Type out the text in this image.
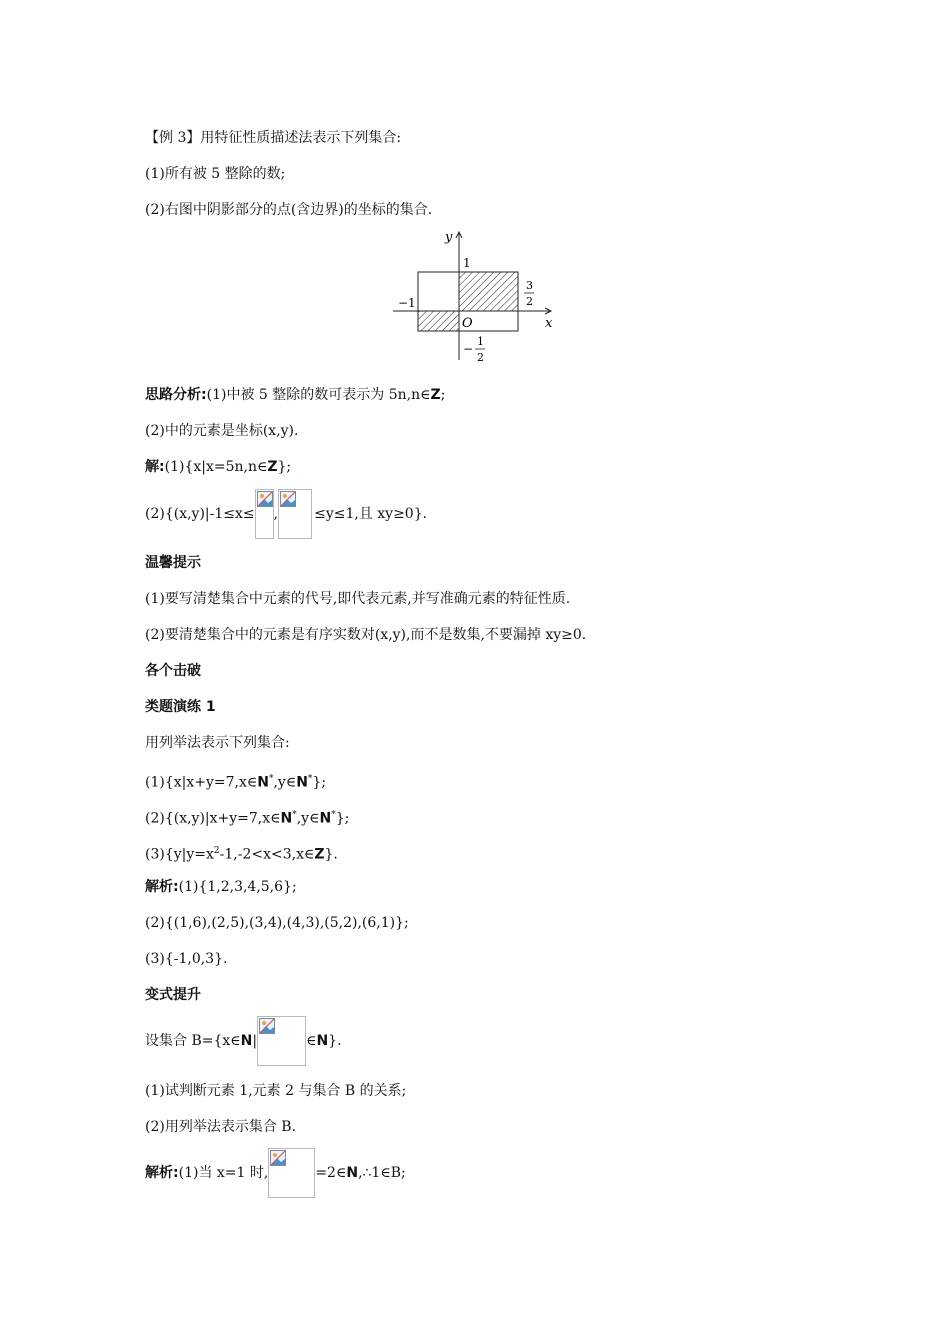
【例 3】用特征性质描述法表示下列集合:
(1)所有被 5 整除的数;
(2)右图中阴影部分的点(含边界)的坐标的集合.
y
x
O
1
−1
3
2
−
1
2
思路分析:(1)中被 5 整除的数可表示为 5n,n∈Z;
(2)中的元素是坐标(x,y).
解:(1){x|x=5n,n∈Z};
(2){(x,y)|-1≤x≤ ,	≤y≤1,且 xy≥0}.
温馨提示
(1)要写清楚集合中元素的代号,即代表元素,并写准确元素的特征性质.
(2)要清楚集合中的元素是有序实数对(x,y),而不是数集,不要漏掉 xy≥0.
各个击破
类题演练 1
用列举法表示下列集合:
(1){x|x+y=7,x∈N*,y∈N*};
(2){(x,y)|x+y=7,x∈N*,y∈N*};
$(3)\{y|y=x^2-1,-2<x<3,x\in Z\}$.
解析:(1){1,2,3,4,5,6};
(2){(1,6),(2,5),(3,4),(4,3),(5,2),(6,1)};
(3){-1,0,3}.
变式提升
设集合 B={x∈N|	∈N}.
(1)试判断元素 1,元素 2 与集合 B 的关系;
(2)用列举法表示集合 B.
解析:(1)当 x=1 时,	=2∈N,∴1∈B;
